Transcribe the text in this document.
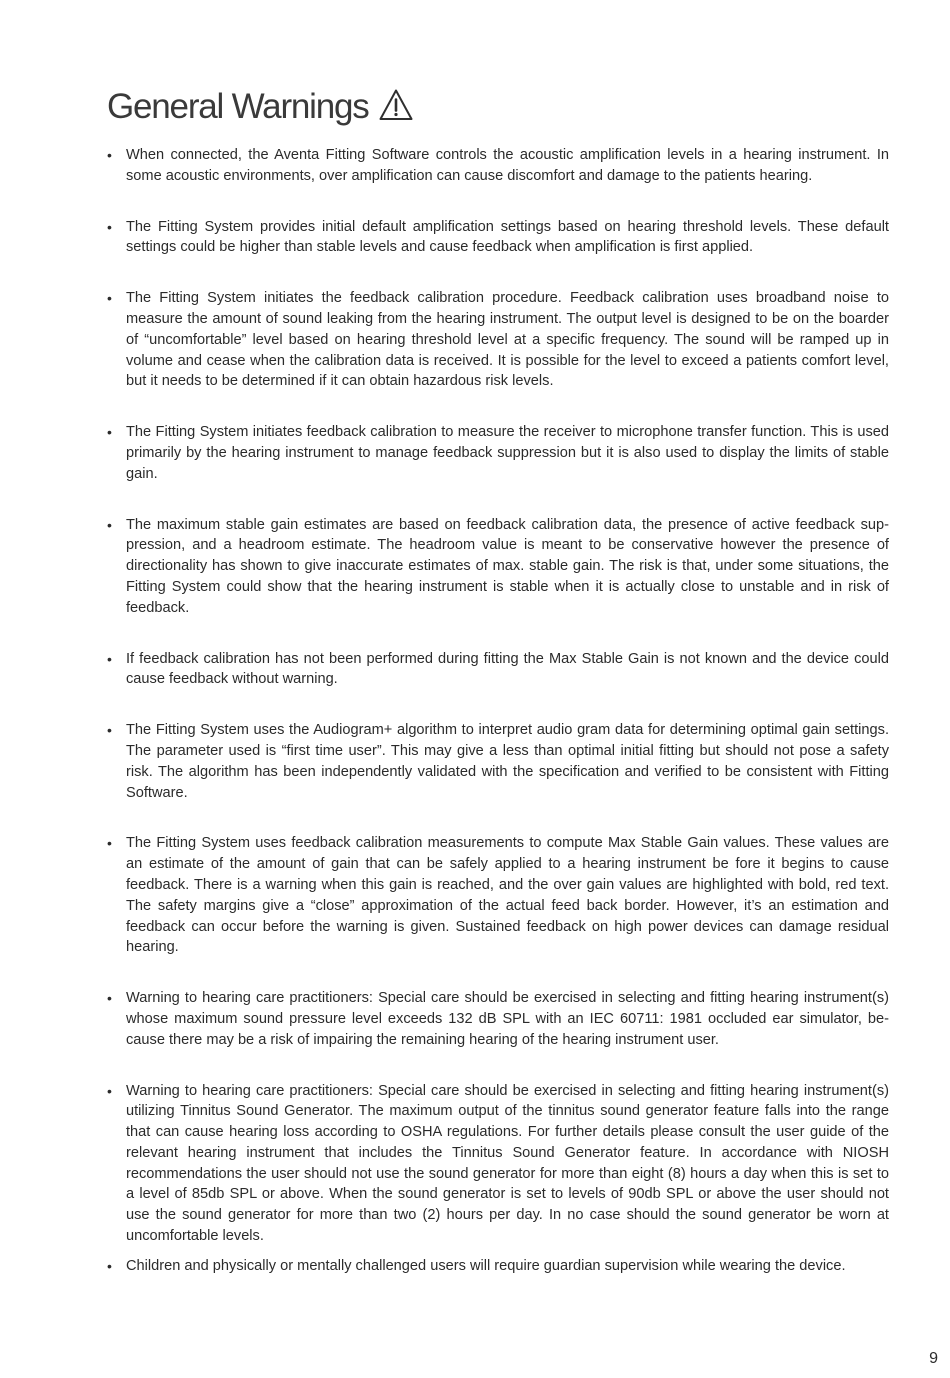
General Warnings
• When connected, the Aventa Fitting Software controls the acoustic amplification levels in a hearing instrument. In some acoustic environments, over amplification can cause discomfort and damage to the patients hearing.
• The Fitting System provides initial default amplification settings based on hearing threshold levels. These default settings could be higher than stable levels and cause feedback when amplification is first applied.
• The Fitting System initiates the feedback calibration procedure. Feedback calibration uses broadband noise to measure the amount of sound leaking from the hearing instrument. The output level is designed to be on the boarder of “uncomfortable” level based on hearing threshold level at a specific frequency. The sound will be ramped up in volume and cease when the calibration data is received. It is possible for the level to exceed a patients comfort level, but it needs to be determined if it can obtain hazardous risk levels.
• The Fitting System initiates feedback calibration to measure the receiver to microphone transfer function. This is used primarily by the hearing instrument to manage feedback suppression but it is also used to display the limits of stable gain.
• The maximum stable gain estimates are based on feedback calibration data, the presence of active feedback suppression, and a headroom estimate. The headroom value is meant to be conservative however the presence of directionality has shown to give inaccurate estimates of max. stable gain. The risk is that, under some situations, the Fitting System could show that the hearing instrument is stable when it is actually close to unstable and in risk of feedback.
• If feedback calibration has not been performed during fitting the Max Stable Gain is not known and the device could cause feedback without warning.
• The Fitting System uses the Audiogram+ algorithm to interpret audio gram data for determining optimal gain settings. The parameter used is “first time user”. This may give a less than optimal initial fitting but should not pose a safety risk. The algorithm has been independently validated with the specification and verified to be consistent with Fitting Software.
• The Fitting System uses feedback calibration measurements to compute Max Stable Gain values. These values are an estimate of the amount of gain that can be safely applied to a hearing instrument be fore it begins to cause feedback. There is a warning when this gain is reached, and the over gain values are highlighted with bold, red text. The safety margins give a “close” approximation of the actual feed back border. However, it’s an estimation and feedback can occur before the warning is given. Sustained feedback on high power devices can damage residual hearing.
• Warning to hearing care practitioners: Special care should be exercised in selecting and fitting hearing instrument(s) whose maximum sound pressure level exceeds 132 dB SPL with an IEC 60711: 1981 occluded ear simulator, because there may be a risk of impairing the remaining hearing of the hearing instrument user.
• Warning to hearing care practitioners: Special care should be exercised in selecting and fitting hearing instrument(s) utilizing Tinnitus Sound Generator. The maximum output of the tinnitus sound generator feature falls into the range that can cause hearing loss according to OSHA regulations. For further details please consult the user guide of the relevant hearing instrument that includes the Tinnitus Sound Generator feature. In accordance with NIOSH recommendations the user should not use the sound generator for more than eight (8) hours a day when this is set to a level of 85db SPL or above. When the sound generator is set to levels of 90db SPL or above the user should not use the sound generator for more than two (2) hours per day. In no case should the sound generator be worn at uncomfortable levels.
• Children and physically or mentally challenged users will require guardian supervision while wearing the device.
9
